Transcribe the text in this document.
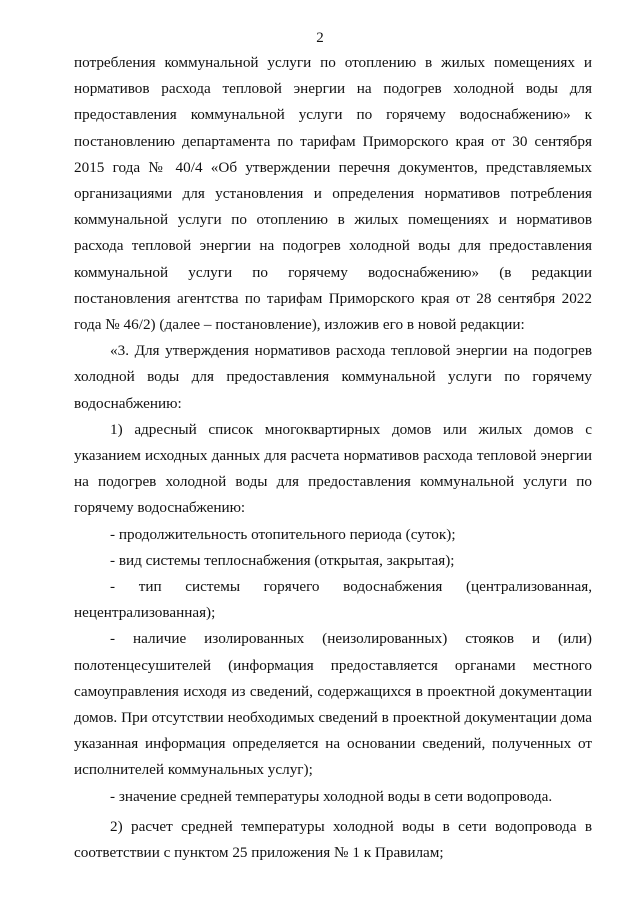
2

потребления коммунальной услуги по отоплению в жилых помещениях и нормативов расхода тепловой энергии на подогрев холодной воды для предоставления коммунальной услуги по горячему водоснабжению» к постановлению департамента по тарифам Приморского края от 30 сентября 2015 года № 40/4 «Об утверждении перечня документов, представляемых организациями для установления и определения нормативов потребления коммунальной услуги по отоплению в жилых помещениях и нормативов расхода тепловой энергии на подогрев холодной воды для предоставления коммунальной услуги по горячему водоснабжению» (в редакции постановления агентства по тарифам Приморского края от 28 сентября 2022 года № 46/2) (далее – постановление), изложив его в новой редакции:

«3. Для утверждения нормативов расхода тепловой энергии на подогрев холодной воды для предоставления коммунальной услуги по горячему водоснабжению:

1) адресный список многоквартирных домов или жилых домов с указанием исходных данных для расчета нормативов расхода тепловой энергии на подогрев холодной воды для предоставления коммунальной услуги по горячему водоснабжению:

- продолжительность отопительного периода (суток);

- вид системы теплоснабжения (открытая, закрытая);

- тип системы горячего водоснабжения (централизованная, нецентрализованная);

- наличие изолированных (неизолированных) стояков и (или) полотенцесушителей (информация предоставляется органами местного самоуправления исходя из сведений, содержащихся в проектной документации домов. При отсутствии необходимых сведений в проектной документации дома указанная информация определяется на основании сведений, полученных от исполнителей коммунальных услуг);

- значение средней температуры холодной воды в сети водопровода.

2) расчет средней температуры холодной воды в сети водопровода в соответствии с пунктом 25 приложения № 1 к Правилам;
